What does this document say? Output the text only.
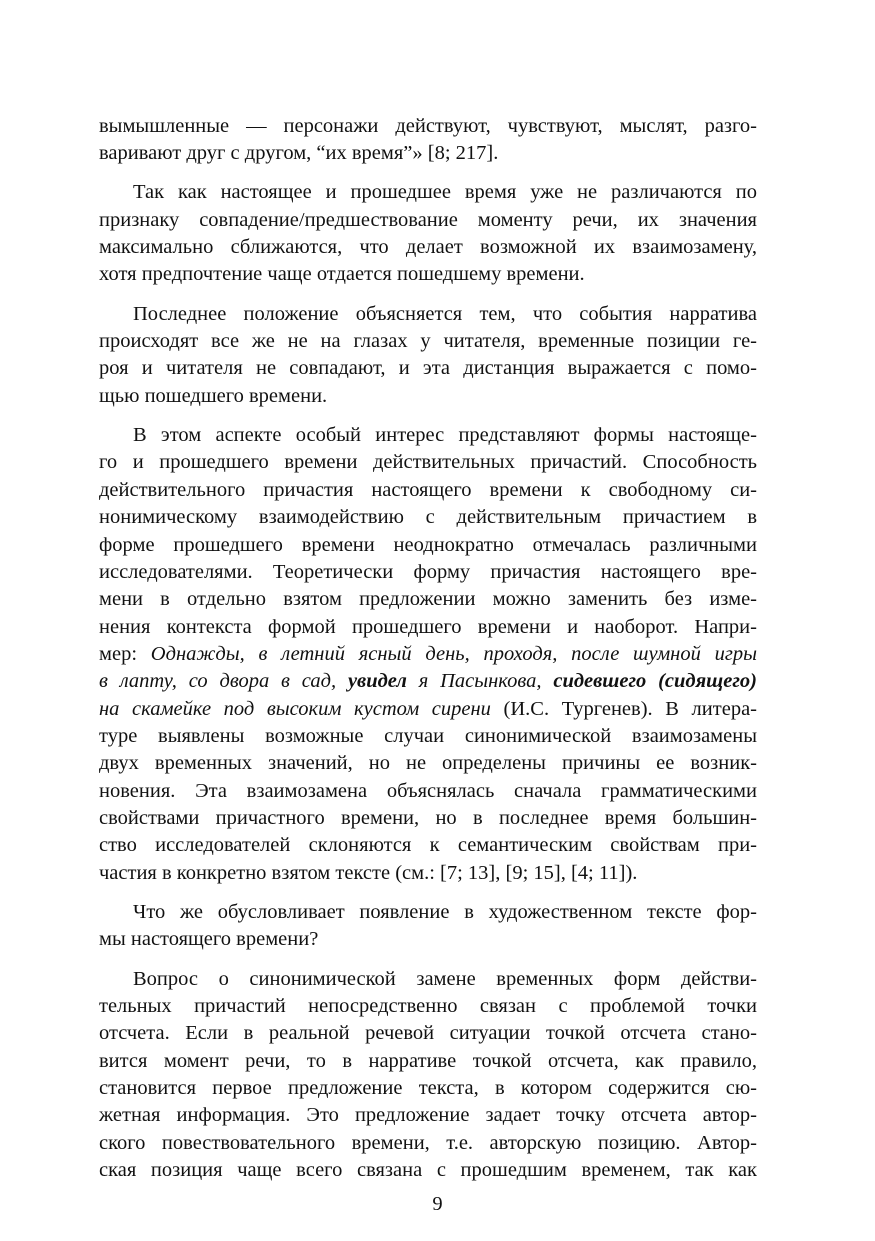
вымышленные — персонажи действуют, чувствуют, мыслят, разго-
варивают друг с другом, “их время”» [8; 217].
Так как настоящее и прошедшее время уже не различаются по
признаку совпадение/предшествование моменту речи, их значения
максимально сближаются, что делает возможной их взаимозамену,
хотя предпочтение чаще отдается пошедшему времени.
Последнее положение объясняется тем, что события нарратива
происходят все же не на глазах у читателя, временные позиции ге-
роя и читателя не совпадают, и эта дистанция выражается с помо-
щью пошедшего времени.
В этом аспекте особый интерес представляют формы настояще-
го и прошедшего времени действительных причастий. Способность
действительного причастия настоящего времени к свободному си-
нонимическому взаимодействию с действительным причастием в
форме прошедшего времени неоднократно отмечалась различными
исследователями. Теоретически форму причастия настоящего вре-
мени в отдельно взятом предложении можно заменить без изме-
нения контекста формой прошедшего времени и наоборот. Напри-
мер: Однажды, в летний ясный день, проходя, после шумной игры
в лапту, со двора в сад, увидел я Пасынкова, сидевшего (сидящего)
на скамейке под высоким кустом сирени (И.С. Тургенев). В литера-
туре выявлены возможные случаи синонимической взаимозамены
двух временных значений, но не определены причины ее возник-
новения. Эта взаимозамена объяснялась сначала грамматическими
свойствами причастного времени, но в последнее время большин-
ство исследователей склоняются к семантическим свойствам при-
частия в конкретно взятом тексте (см.: [7; 13], [9; 15], [4; 11]).
Что же обусловливает появление в художественном тексте фор-
мы настоящего времени?
Вопрос о синонимической замене временных форм действи-
тельных причастий непосредственно связан с проблемой точки
отсчета. Если в реальной речевой ситуации точкой отсчета стано-
вится момент речи, то в нарративе точкой отсчета, как правило,
становится первое предложение текста, в котором содержится сю-
жетная информация. Это предложение задает точку отсчета автор-
ского повествовательного времени, т.е. авторскую позицию. Автор-
ская позиция чаще всего связана с прошедшим временем, так как
9
